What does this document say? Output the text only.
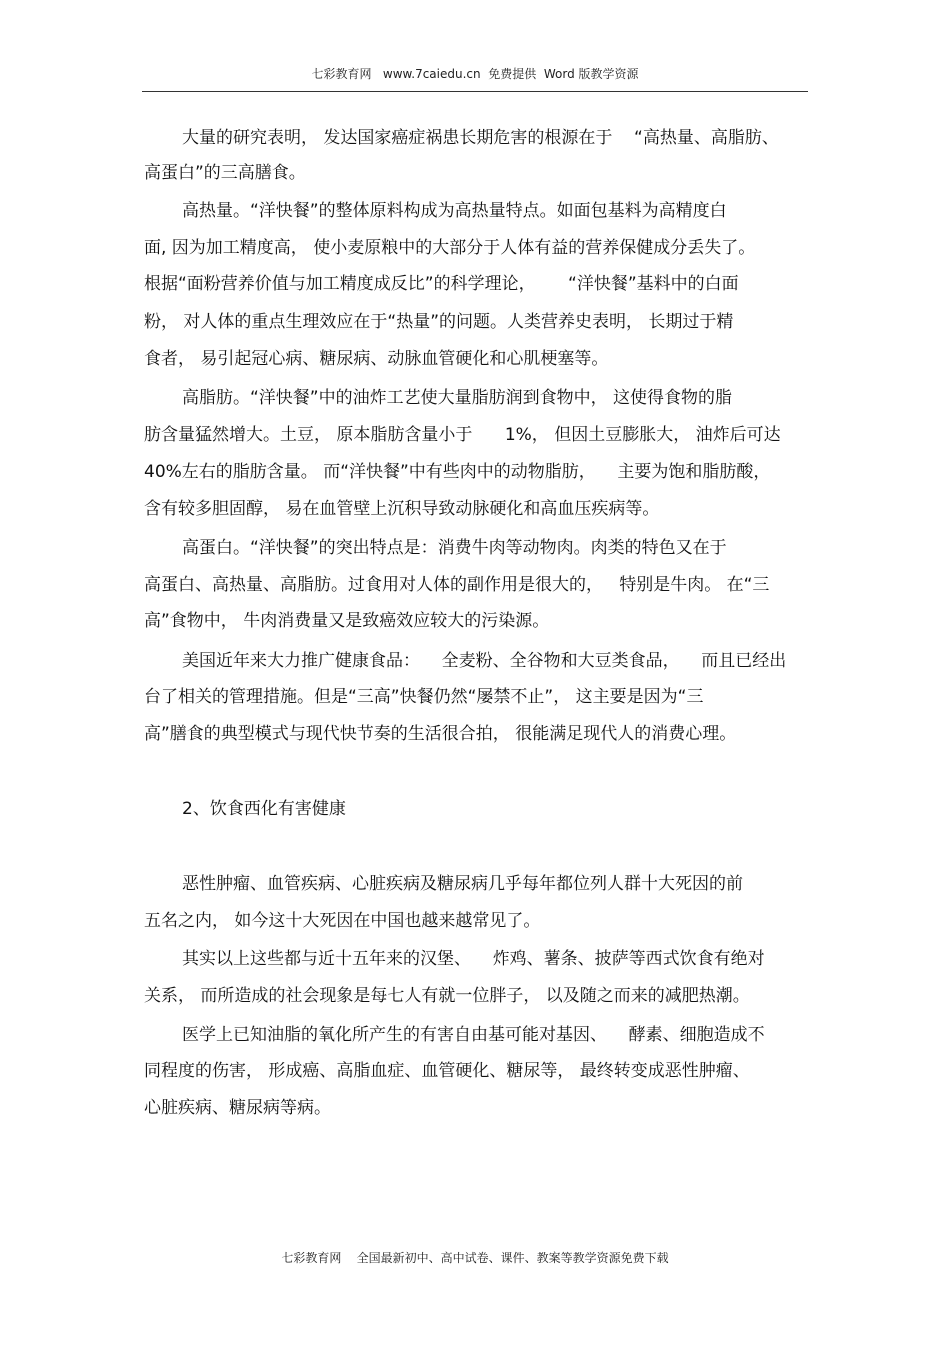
七彩教育网   www.7caiedu.cn  免费提供  Word 版教学资源
大量的研究表明， 发达国家癌症祸患长期危害的根源在于    “高热量、高脂肪、
高蛋白”的三高膳食。
高热量。“洋快餐”的整体原料构成为高热量特点。如面包基料为高精度白
面, 因为加工精度高， 使小麦原粮中的大部分于人体有益的营养保健成分丢失了。
根据“面粉营养价值与加工精度成反比”的科学理论，      “洋快餐”基料中的白面
粉， 对人体的重点生理效应在于“热量”的问题。人类营养史表明， 长期过于精
食者， 易引起冠心病、糖尿病、动脉血管硬化和心肌梗塞等。
高脂肪。“洋快餐”中的油炸工艺使大量脂肪润到食物中， 这使得食物的脂
肪含量猛然增大。土豆， 原本脂肪含量小于      1%， 但因土豆膨胀大， 油炸后可达
40%左右的脂肪含量。 而“洋快餐”中有些肉中的动物脂肪，    主要为饱和脂肪酸，
含有较多胆固醇， 易在血管壁上沉积导致动脉硬化和高血压疾病等。
高蛋白。“洋快餐”的突出特点是：消费牛肉等动物肉。肉类的特色又在于
高蛋白、高热量、高脂肪。过食用对人体的副作用是很大的，   特别是牛肉。 在“三
高”食物中， 牛肉消费量又是致癌效应较大的污染源。
美国近年来大力推广健康食品：    全麦粉、全谷物和大豆类食品，    而且已经出
台了相关的管理措施。但是“三高”快餐仍然“屡禁不止”， 这主要是因为“三
高”膳食的典型模式与现代快节奏的生活很合拍， 很能满足现代人的消费心理。
2、饮食西化有害健康
恶性肿瘤、血管疾病、心脏疾病及糖尿病几乎每年都位列人群十大死因的前
五名之内， 如今这十大死因在中国也越来越常见了。
其实以上这些都与近十五年来的汉堡、    炸鸡、薯条、披萨等西式饮食有绝对
关系， 而所造成的社会现象是每七人有就一位胖子， 以及随之而来的减肥热潮。
医学上已知油脂的氧化所产生的有害自由基可能对基因、    酵素、细胞造成不
同程度的伤害， 形成癌、高脂血症、血管硬化、糖尿等， 最终转变成恶性肿瘤、
心脏疾病、糖尿病等病。
七彩教育网    全国最新初中、高中试卷、课件、教案等教学资源免费下载
